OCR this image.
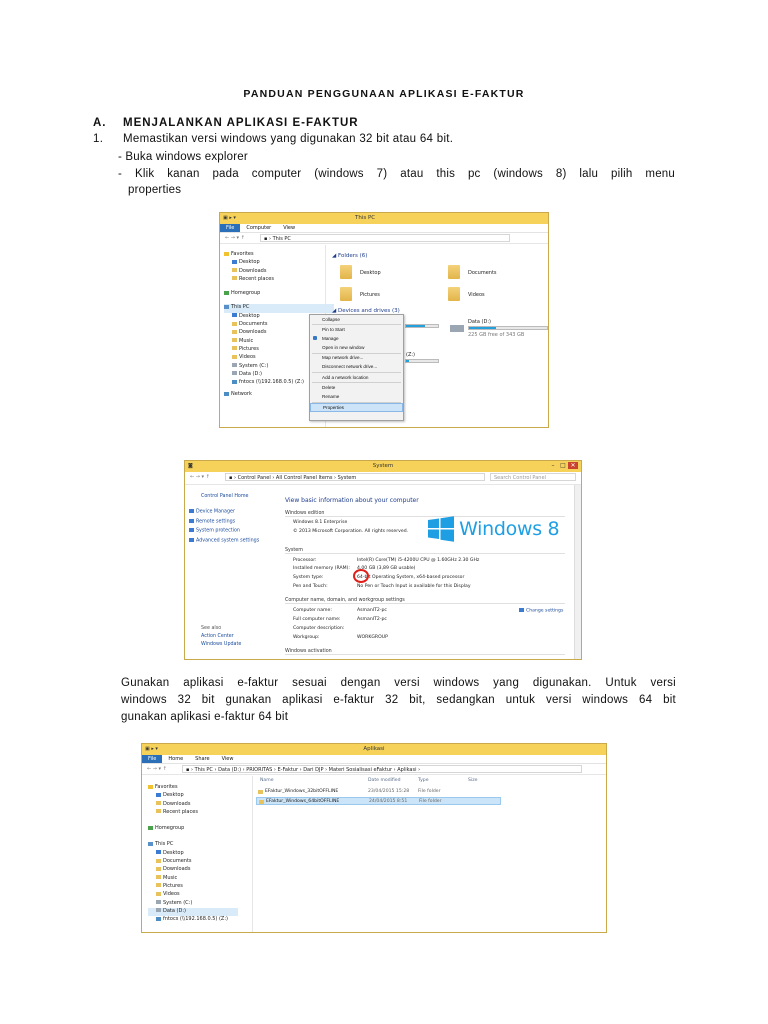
PANDUAN PENGGUNAAN APLIKASI E-FAKTUR
A. MENJALANKAN APLIKASI E-FAKTUR
1. Memastikan versi windows yang digunakan 32 bit atau 64 bit.
- Buka windows explorer
- Klik kanan pada computer (windows 7) atau this pc (windows 8) lalu pilih menu
properties
▣ ▸ ▾	This PC
File Computer View
← → ▾ ↑	▪ › This PC
Favorites
Desktop
Downloads
Recent places
Homegroup
This PC
Desktop
Documents
Downloads
Music
Pictures
Videos
System (C:)
Data (D:)
fntocs (\\192.168.0.5) (Z:)
Network
◢ Folders (6)
Desktop	Documents
Pictures	Videos
◢ Devices and drives (3)
Data (D:)
225 GB free of 343 GB
(Z:)
Collapse
Pin to Start
Manage
Open in new window
Map network drive...
Disconnect network drive...
Add a network location
Delete
Rename
Properties
◙	System	– □ ✕
← → ▾ ↑	▪ › Control Panel › All Control Panel Items › System	Search Control Panel
Control Panel Home
Device Manager
Remote settings
System protection
Advanced system settings
See also
Action Center
Windows Update
View basic information about your computer
Windows edition
Windows 8.1 Enterprise
© 2013 Microsoft Corporation. All rights reserved.	Windows 8
System
Processor:	Intel(R) Core(TM) i5-4200U CPU @ 1.60GHz 2.30 GHz
Installed memory (RAM): 4,00 GB (3,89 GB usable)
System type:	64-bit Operating System, x64-based processor
Pen and Touch:	No Pen or Touch Input is available for this Display
Computer name, domain, and workgroup settings
Computer name:	AsmanIT2-pc
Full computer name:	AsmanIT2-pc
Computer description:
Workgroup:	WORKGROUP
Change settings
Windows activation
Gunakan aplikasi e-faktur sesuai dengan versi windows yang digunakan. Untuk versi
windows 32 bit gunakan aplikasi e-faktur 32 bit, sedangkan untuk versi windows 64 bit
gunakan aplikasi e-faktur 64 bit
▣ ▸ ▾	Aplikasi
File Home Share View
← → ▾ ↑	▪ › This PC › Data (D:) › PRIORITAS › E-Faktur › Dari DJP › Materi Sosialisasi eFaktur › Aplikasi ›
Favorites
Desktop
Downloads
Recent places
Homegroup
This PC
Desktop
Documents
Downloads
Music
Pictures
Videos
System (C:)
Data (D:)
fntocs (\\192.168.0.5) (Z:)
Name	Date modified	Type	Size
EFaktur_Windows_32bitOFFLINE	23/04/2015 15:28 File folder
EFaktur_Windows_64bitOFFLINE	24/04/2015 8:51	File folder
